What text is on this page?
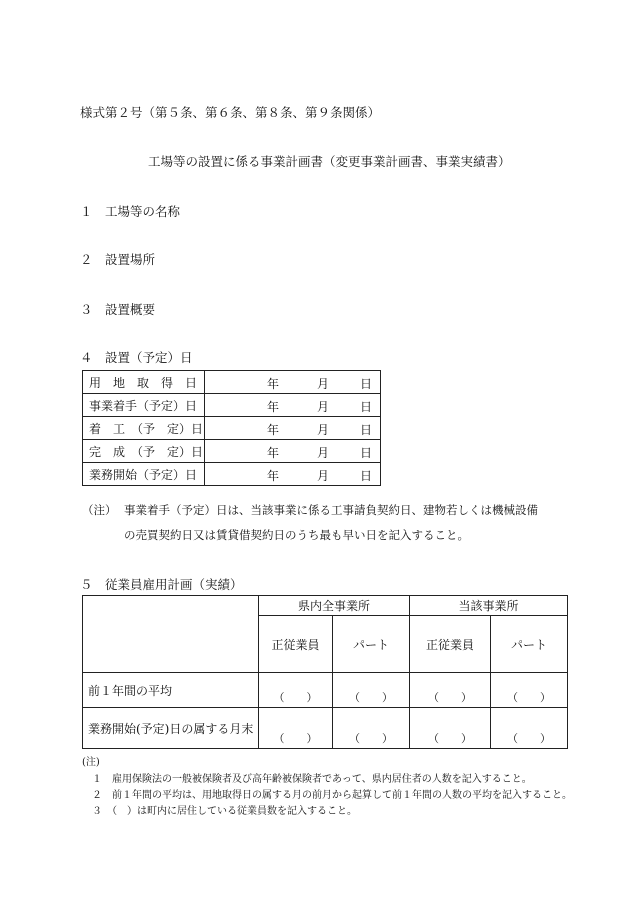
様式第２号（第５条、第６条、第８条、第９条関係）
工場等の設置に係る事業計画書（変更事業計画書、事業実績書）
１　工場等の名称
２　設置場所
３　設置概要
４　設置（予定）日
用　地　取　得　日	年 月 日

事業着手（予定）日	年 月 日

着　工　（予　定）日	年 月 日

完　成　（予　定）日	年 月 日

業務開始（予定）日	年 月 日
（注） 事業着手（予定）日は、当該事業に係る工事請負契約日、建物若しくは機械設備
の売買契約日又は賃貸借契約日のうち最も早い日を記入すること。
５　従業員雇用計画（実績）
	県内全事業所		当該事業所	
	正従業員	パート	正従業員	パート
前１年間の平均	（　　）	（　　）	（　　）	（　　）

業務開始(予定)日の属する月末	（　　）	（　　）	（　　）	（　　）
(注)
１　雇用保険法の一般被保険者及び高年齢被保険者であって、県内居住者の人数を記入すること。
２　前１年間の平均は、用地取得日の属する月の前月から起算して前１年間の人数の平均を記入すること。
３　（　）は町内に居住している従業員数を記入すること。
